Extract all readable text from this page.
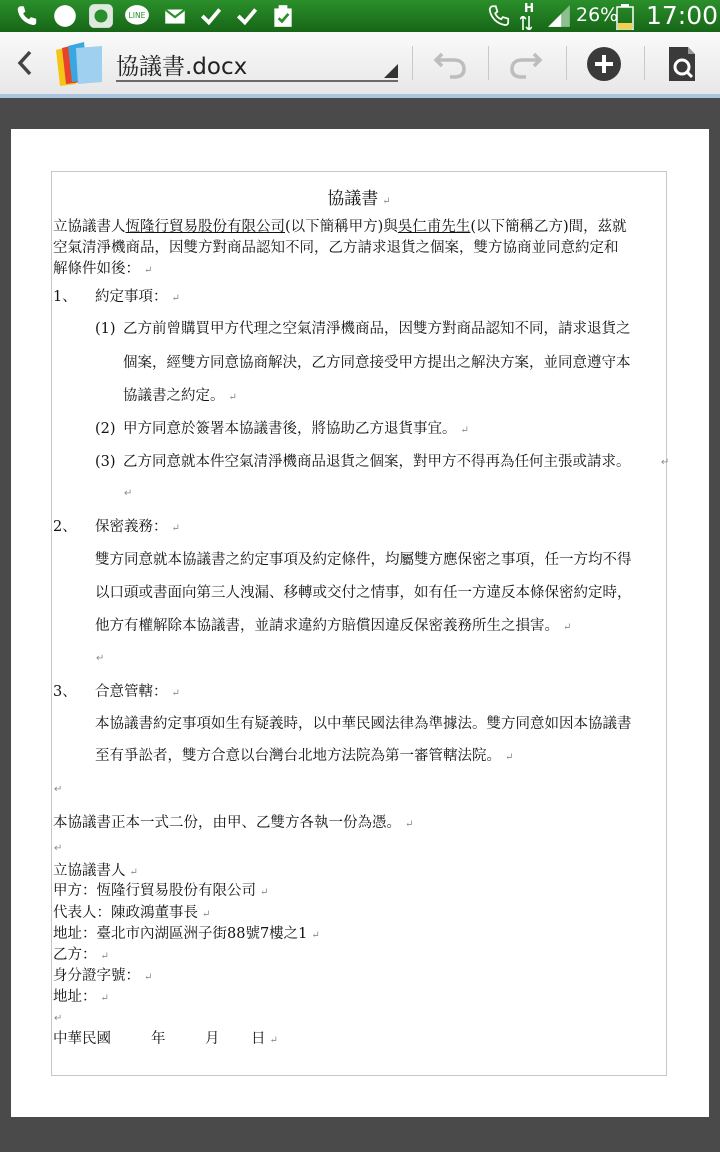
LINE
H 26% 17:00
協議書.docx
協議書 ↵
立協議書人恆隆行貿易股份有限公司(以下簡稱甲方)與吳仁甫先生(以下簡稱乙方)間，茲就
空氣清淨機商品，因雙方對商品認知不同，乙方請求退貨之個案，雙方協商並同意約定和
解條件如後： ↵
1、 約定事項： ↵
(1) 乙方前曾購買甲方代理之空氣清淨機商品，因雙方對商品認知不同，請求退貨之
個案，經雙方同意協商解決，乙方同意接受甲方提出之解決方案，並同意遵守本
協議書之約定。 ↵
(2) 甲方同意於簽署本協議書後，將協助乙方退貨事宜。 ↵
(3) 乙方同意就本件空氣清淨機商品退貨之個案，對甲方不得再為任何主張或請求。	↵
↵
2、 保密義務： ↵
雙方同意就本協議書之約定事項及約定條件，均屬雙方應保密之事項，任一方均不得
以口頭或書面向第三人洩漏、移轉或交付之情事，如有任一方違反本條保密約定時，
他方有權解除本協議書，並請求違約方賠償因違反保密義務所生之損害。 ↵
↵
3、 合意管轄： ↵
本協議書約定事項如生有疑義時，以中華民國法律為準據法。雙方同意如因本協議書
至有爭訟者，雙方合意以台灣台北地方法院為第一審管轄法院。 ↵
↵
本協議書正本一式二份，由甲、乙雙方各執一份為憑。 ↵
↵
立協議書人 ↵
甲方：恆隆行貿易股份有限公司 ↵
代表人：陳政鴻董事長 ↵
地址：臺北市內湖區洲子街88號7樓之1 ↵
乙方： ↵
身分證字號： ↵
地址： ↵
↵
中華民國	年	月 日 ↵
